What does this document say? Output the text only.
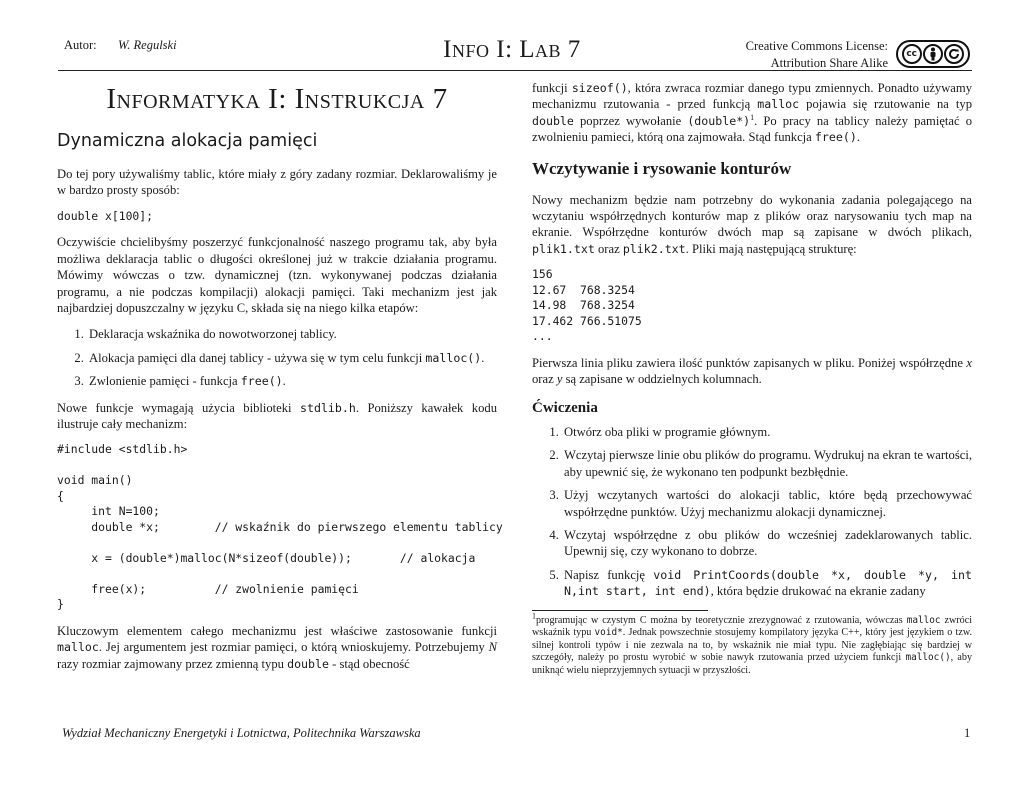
Autor: W. Regulski	Info I: Lab 7	Creative Commons License:
Attribution Share Alike
cc
Informatyka I: Instrukcja 7
Dynamiczna alokacja pamięci

Do tej pory używaliśmy tablic, które miały z góry zadany rozmiar. Deklarowaliśmy je w bardzo prosty sposób:

double x[100];

Oczywiście chcielibyśmy poszerzyć funkcjonalność naszego programu tak, aby była możliwa deklaracja tablic o długości określonej już w trakcie działania programu. Mówimy wówczas o tzw. dynamicznej (tzn. wykonywanej podczas działania programu, a nie podczas kompilacji) alokacji pamięci. Taki mechanizm jest jak najbardziej dopuszczalny w języku C, składa się na niego kilka etapów:

1. Deklaracja wskaźnika do nowotworzonej tablicy.
2. Alokacja pamięci dla danej tablicy - używa się w tym celu funkcji malloc().
3. Zwlonienie pamięci - funkcja free().

Nowe funkcje wymagają użycia biblioteki stdlib.h. Poniższy kawałek kodu ilustruje cały mechanizm:

#include <stdlib.h>

void main()
{
int N=100;
double *x;        // wskaźnik do pierwszego elementu tablicy

x = (double*)malloc(N*sizeof(double));       // alokacja

free(x);          // zwolnienie pamięci
}

Kluczowym elementem całego mechanizmu jest właściwe zastosowanie funkcji malloc. Jej argumentem jest rozmiar pamięci, o którą wnioskujemy. Potrzebujemy N razy rozmiar zajmowany przez zmienną typu double - stąd obecność

funkcji sizeof(), która zwraca rozmiar danego typu zmiennych. Ponadto używamy mechanizmu rzutowania - przed funkcją malloc pojawia się rzutowanie na typ double poprzez wywołanie (double*)$^1$. Po pracy na tablicy należy pamiętać o zwolnieniu pamieci, którą ona zajmowała. Stąd funkcja free().

Wczytywanie i rysowanie konturów

Nowy mechanizm będzie nam potrzebny do wykonania zadania polegającego na wczytaniu współrzędnych konturów map z plików oraz narysowaniu tych map na ekranie. Współrzędne konturów dwóch map są zapisane w dwóch plikach, plik1.txt oraz plik2.txt. Pliki mają następującą strukturę:

156
12.67  768.3254
14.98  768.3254
17.462 766.51075
...

Pierwsza linia pliku zawiera ilość punktów zapisanych w pliku. Poniżej współrzędne x oraz y są zapisane w oddzielnych kolumnach.

Ćwiczenia
1. Otwórz oba pliki w programie głównym.
2. Wczytaj pierwsze linie obu plików do programu. Wydrukuj na ekran te wartości, aby upewnić się, że wykonano ten podpunkt bezbłędnie.
3. Użyj wczytanych wartości do alokacji tablic, które będą przechowywać współrzędne punktów. Użyj mechanizmu alokacji dynamicznej.
4. Wczytaj współrzędne z obu plików do wcześniej zadeklarowanych tablic. Upewnij się, czy wykonano to dobrze.
5. Napisz funkcję void PrintCoords(double *x, double *y, int N,int start, int end), która będzie drukować na ekranie zadany
$^1$programując w czystym C można by teoretycznie zrezygnować z rzutowania, wówczas malloc zwróci wskaźnik typu void*. Jednak powszechnie stosujemy kompilatory języka C++, który jest językiem o tzw. silnej kontroli typów i nie zezwala na to, by wskaźnik nie miał typu. Nie zagłębiając się bardziej w szczegóły, należy po prostu wyrobić w sobie nawyk rzutowania przed użyciem funkcji malloc(), aby uniknąć wielu nieprzyjemnych sytuacji w przyszłości.
Wydział Mechaniczny Energetyki i Lotnictwa, Politechnika Warszawska	1
